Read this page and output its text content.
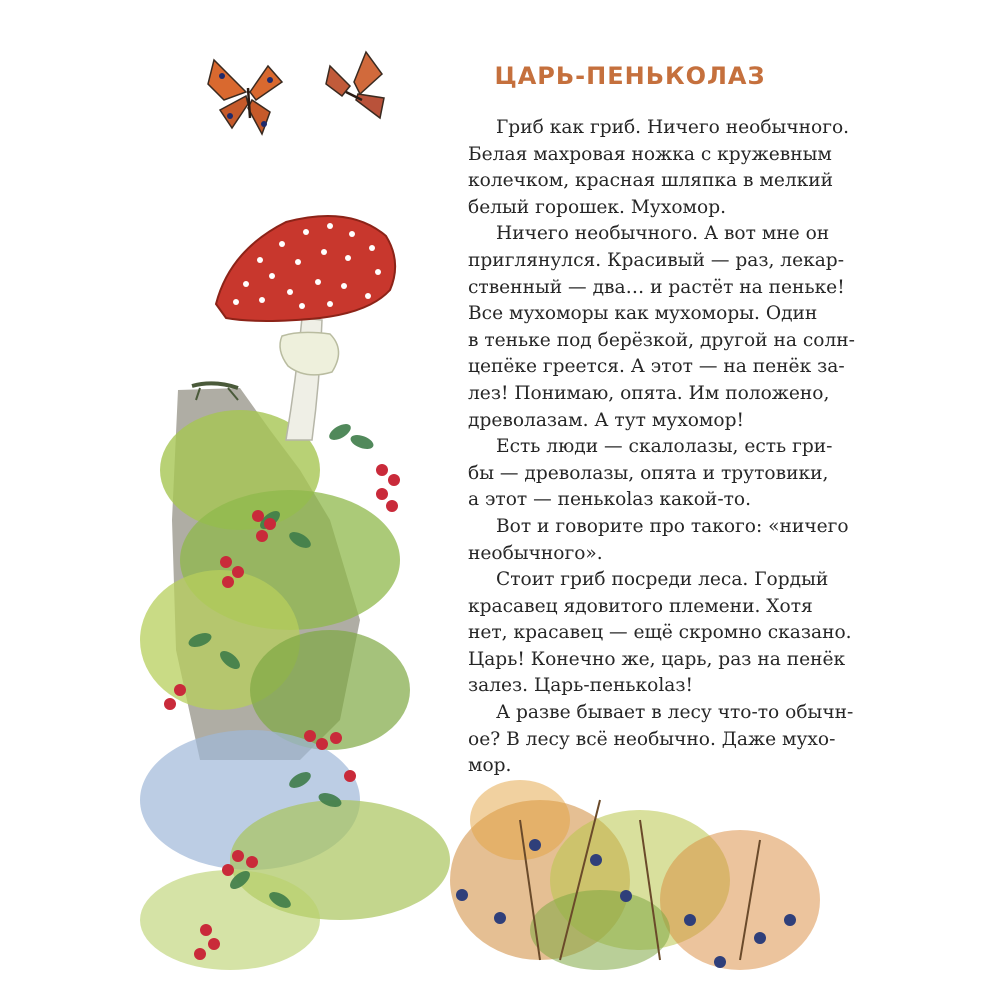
ЦАРЬ-ПЕНЬКОЛАЗ

Гриб как гриб. Ничего необычного.
Белая махровая ножка с кружевным
колечком, красная шляпка в мелкий
белый горошек. Мухомор.

Ничего необычного. А вот мне он
приглянулся. Красивый — раз, лекар-
ственный — два… и растёт на пеньке!
Все мухоморы как мухоморы. Один
в теньке под берёзкой, другой на солн-
цепёке греется. А этот — на пенёк за-
лез! Понимаю, опята. Им положено,
древолазам. А тут мухомор!

Есть люди — скалолазы, есть гри-
бы — древолазы, опята и трутовики,
а этот — пенькolaз какой-то.

Вот и говорите про такого: «ничего
необычного».

Стоит гриб посреди леса. Гордый
красавец ядовитого племени. Хотя
нет, красавец — ещё скромно сказано.
Царь! Конечно же, царь, раз на пенёк
залез. Царь-пенькolaз!

А разве бывает в лесу что-то обычн-
ое? В лесу всё необычно. Даже мухо-
мор.
